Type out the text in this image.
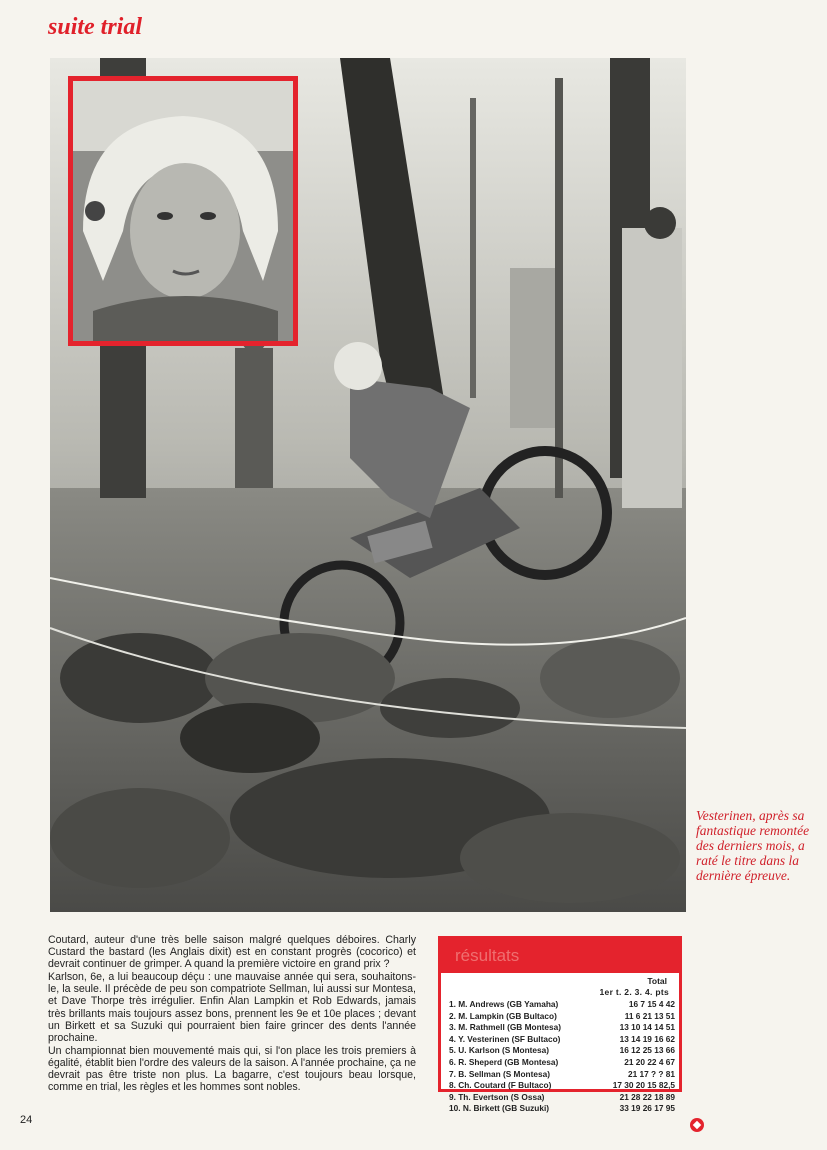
suite trial
Vesterinen, après sa fantastique remontée des derniers mois, a raté le titre dans la dernière épreuve.

Coutard, auteur d'une très belle saison malgré quelques déboires. Charly Custard the bastard (les Anglais dixit) est en constant progrès (cocorico) et devrait continuer de grimper. A quand la première victoire en grand prix ?

Karlson, 6e, a lui beaucoup déçu : une mauvaise année qui sera, souhaitons-le, la seule. Il précède de peu son compatriote Sellman, lui aussi sur Montesa, et Dave Thorpe très irrégulier. Enfin Alan Lampkin et Rob Edwards, jamais très brillants mais toujours assez bons, prennent les 9e et 10e places ; devant un Birkett et sa Suzuki qui pourraient bien faire grincer des dents l'année prochaine.

Un championnat bien mouvementé mais qui, si l'on place les trois premiers à égalité, établit bien l'ordre des valeurs de la saison. A l'année prochaine, ça ne devrait pas être triste non plus. La bagarre, c'est toujours beau lorsque, comme en trial, les règles et les hommes sont nobles.

24
résultats
Total
1er t. 2. 3. 4. pts
1. M. Andrews (GB Yamaha)	16 7 15 4 42
2. M. Lampkin (GB Bultaco)	11 6 21 13 51
3. M. Rathmell (GB Montesa)	13 10 14 14 51
4. Y. Vesterinen (SF Bultaco)	13 14 19 16 62
5. U. Karlson (S Montesa)	16 12 25 13 66
6. R. Sheperd (GB Montesa)	21 20 22 4 67
7. B. Sellman (S Montesa)	21 17 ? ? 81
8. Ch. Coutard (F Bultaco)	17 30 20 15 82,5
9. Th. Evertson (S Ossa)	21 28 22 18 89
10. N. Birkett (GB Suzuki)	33 19 26 17 95
